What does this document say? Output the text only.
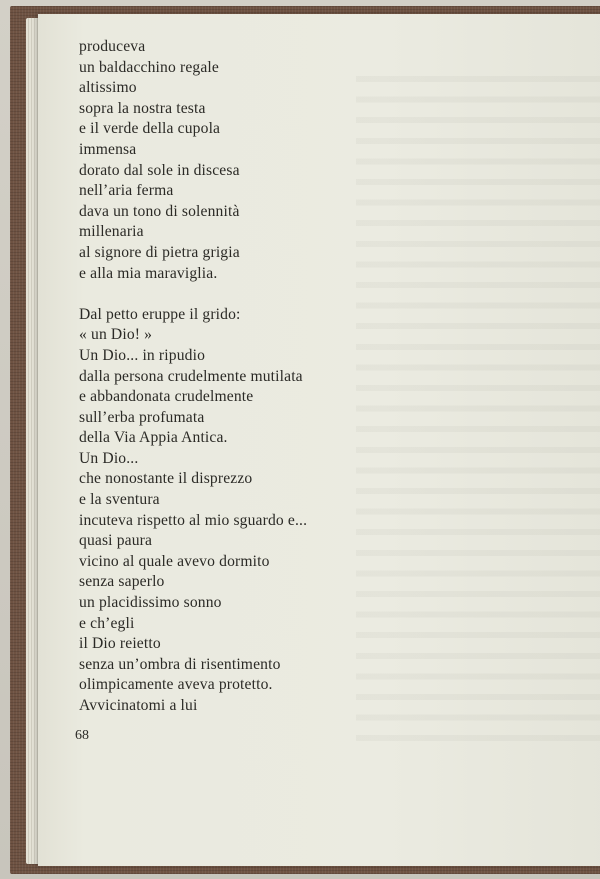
produceva
un baldacchino regale
altissimo
sopra la nostra testa
e il verde della cupola
immensa
dorato dal sole in discesa
nell’aria ferma
dava un tono di solennità
millenaria
al signore di pietra grigia
e alla mia maraviglia.
Dal petto eruppe il grido:
« un Dio! »
Un Dio... in ripudio
dalla persona crudelmente mutilata
e abbandonata crudelmente
sull’erba profumata
della Via Appia Antica.
Un Dio...
che nonostante il disprezzo
e la sventura
incuteva rispetto al mio sguardo e...
quasi paura
vicino al quale avevo dormito
senza saperlo
un placidissimo sonno
e ch’egli
il Dio reietto
senza un’ombra di risentimento
olimpicamente aveva protetto.
Avvicinatomi a lui
68
